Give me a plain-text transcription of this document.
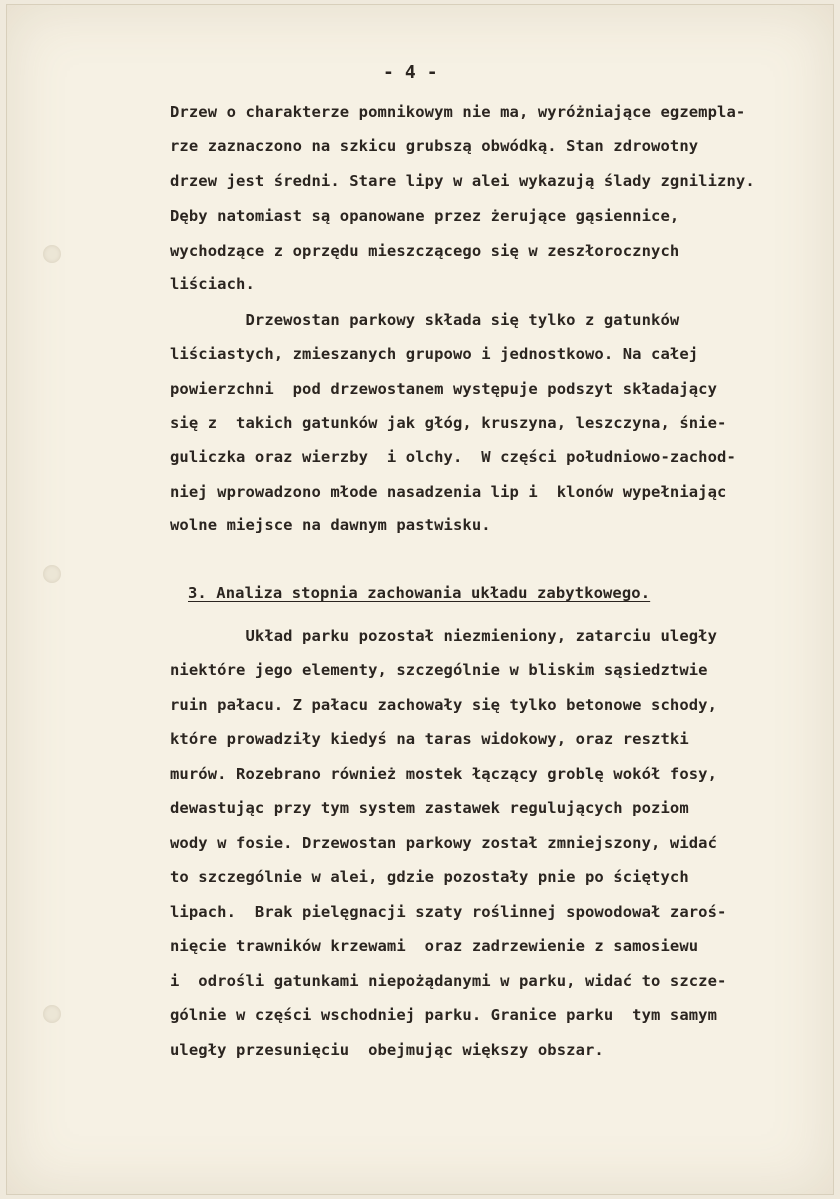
- 4 -
Drzew o charakterze pomnikowym nie ma, wyróżniające egzempla-
rze zaznaczono na szkicu grubszą obwódką. Stan zdrowotny
drzew jest średni. Stare lipy w alei wykazują ślady zgnilizny.
Dęby natomiast są opanowane przez żerujące gąsiennice,
wychodzące z oprzędu mieszczącego się w zeszłorocznych
liściach.
Drzewostan parkowy składa się tylko z gatunków
liściastych, zmieszanych grupowo i jednostkowo. Na całej
powierzchni  pod drzewostanem występuje podszyt składający
się z  takich gatunków jak głóg, kruszyna, leszczyna, śnie-
guliczka oraz wierzby  i olchy.  W części południowo-zachod-
niej wprowadzono młode nasadzenia lip i  klonów wypełniając
wolne miejsce na dawnym pastwisku.
3. Analiza stopnia zachowania układu zabytkowego.
Układ parku pozostał niezmieniony, zatarciu uległy
niektóre jego elementy, szczególnie w bliskim sąsiedztwie
ruin pałacu. Z pałacu zachowały się tylko betonowe schody,
które prowadziły kiedyś na taras widokowy, oraz resztki
murów. Rozebrano również mostek łączący groblę wokół fosy,
dewastując przy tym system zastawek regulujących poziom
wody w fosie. Drzewostan parkowy został zmniejszony, widać
to szczególnie w alei, gdzie pozostały pnie po ściętych
lipach.  Brak pielęgnacji szaty roślinnej spowodował zaroś-
nięcie trawników krzewami  oraz zadrzewienie z samosiewu
i  odrośli gatunkami niepożądanymi w parku, widać to szcze-
gólnie w części wschodniej parku. Granice parku  tym samym
uległy przesunięciu  obejmując większy obszar.
